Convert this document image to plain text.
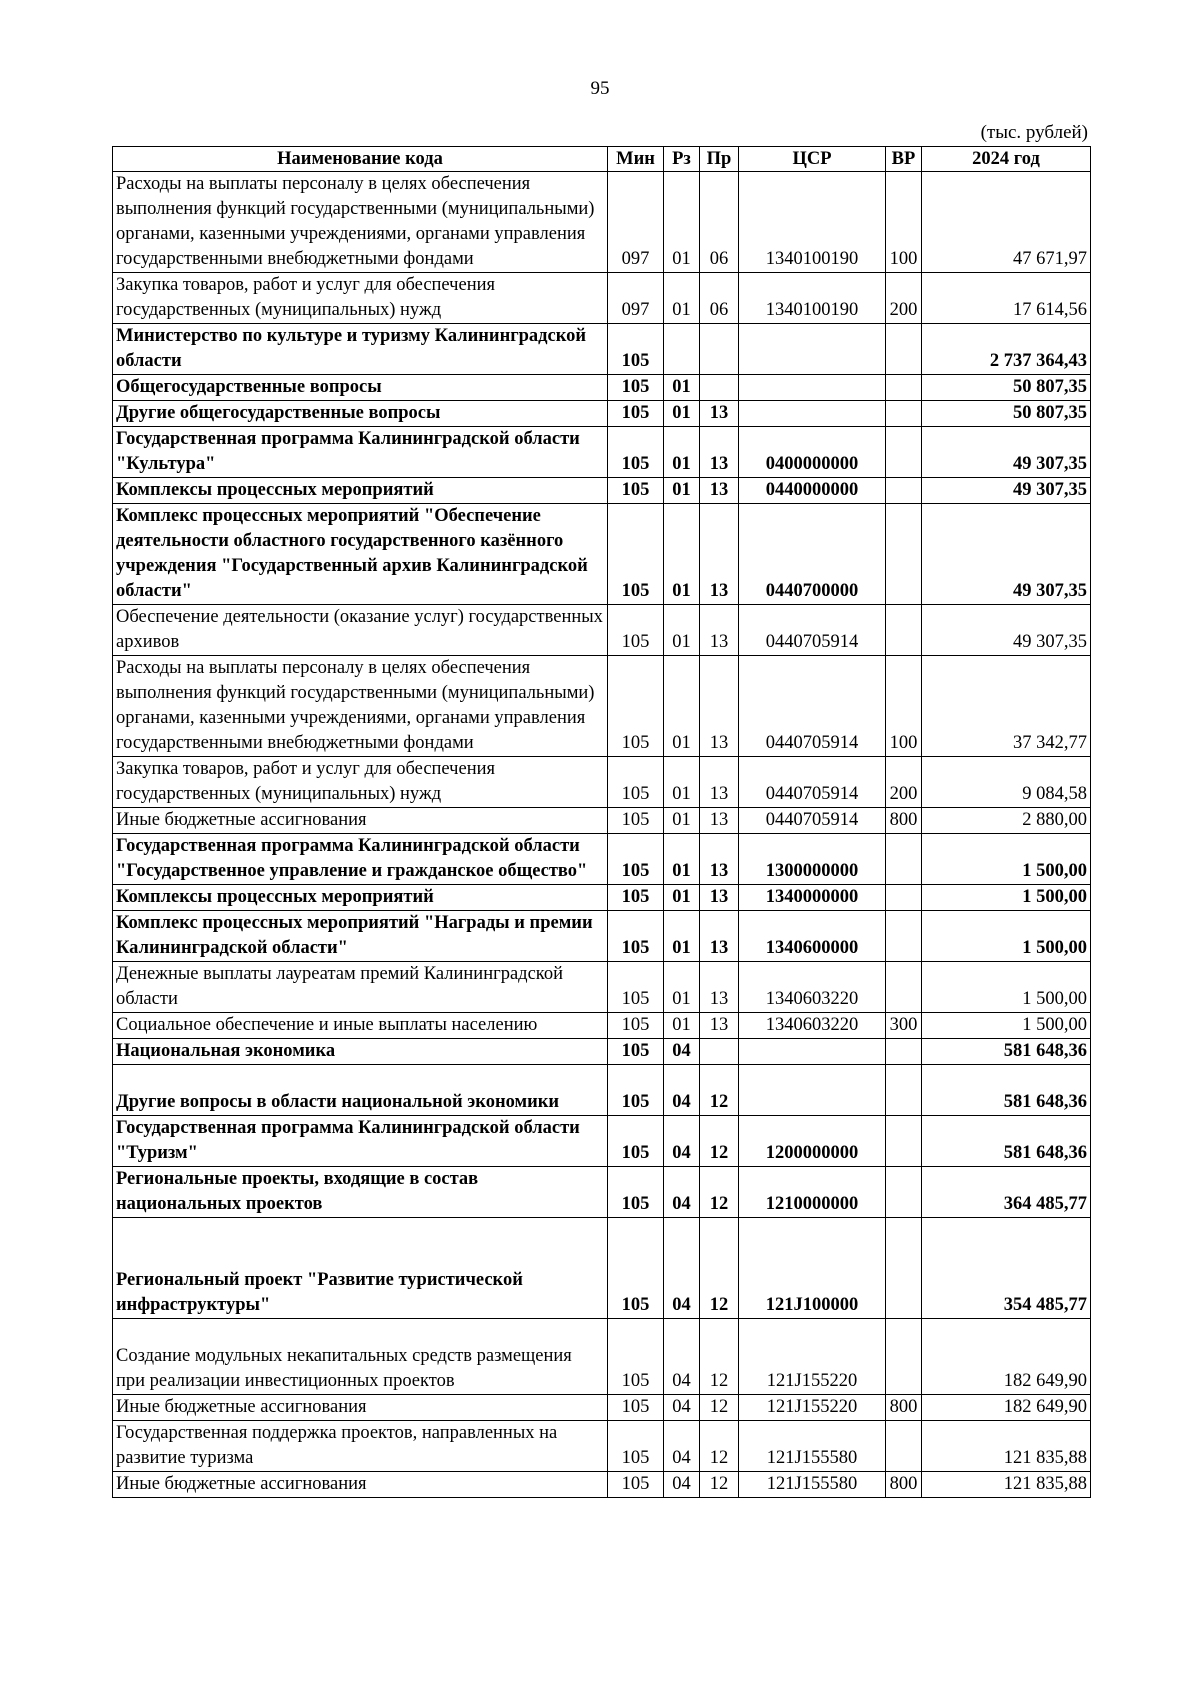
95
(тыс. рублей)
Наименование кода	Мин	Рз	Пр	ЦСР	ВР	2024 год
Расходы на выплаты персоналу в целях обеспечения выполнения функций государственными (муниципальными) органами, казенными учреждениями, органами управления государственными внебюджетными фондами	097	01	06	1340100190	100	47 671,97
Закупка товаров, работ и услуг для обеспечения государственных (муниципальных) нужд	097	01	06	1340100190	200	17 614,56
Министерство по культуре и туризму Калининградской области	105					2 737 364,43
Общегосударственные вопросы	105	01				50 807,35
Другие общегосударственные вопросы	105	01	13			50 807,35
Государственная программа Калининградской области "Культура"	105	01	13	0400000000		49 307,35
Комплексы процессных мероприятий	105	01	13	0440000000		49 307,35
Комплекс процессных мероприятий "Обеспечение деятельности областного государственного казённого учреждения "Государственный архив Калининградской области"	105	01	13	0440700000		49 307,35
Обеспечение деятельности (оказание услуг) государственных архивов	105	01	13	0440705914		49 307,35
Расходы на выплаты персоналу в целях обеспечения выполнения функций государственными (муниципальными) органами, казенными учреждениями, органами управления государственными внебюджетными фондами	105	01	13	0440705914	100	37 342,77
Закупка товаров, работ и услуг для обеспечения государственных (муниципальных) нужд	105	01	13	0440705914	200	9 084,58
Иные бюджетные ассигнования	105	01	13	0440705914	800	2 880,00
Государственная программа Калининградской области "Государственное управление и гражданское общество"	105	01	13	1300000000		1 500,00
Комплексы процессных мероприятий	105	01	13	1340000000		1 500,00
Комплекс процессных мероприятий "Награды и премии Калининградской области"	105	01	13	1340600000		1 500,00
Денежные выплаты лауреатам премий Калининградской области	105	01	13	1340603220		1 500,00
Социальное обеспечение и иные выплаты населению	105	01	13	1340603220	300	1 500,00
Национальная экономика	105	04				581 648,36
Другие вопросы в области национальной экономики	105	04	12			581 648,36
Государственная программа Калининградской области "Туризм"	105	04	12	1200000000		581 648,36
Региональные проекты, входящие в состав национальных проектов	105	04	12	1210000000		364 485,77
Региональный проект "Развитие туристической инфраструктуры"	105	04	12	121J100000		354 485,77
Создание модульных некапитальных средств размещения при реализации инвестиционных проектов	105	04	12	121J155220		182 649,90
Иные бюджетные ассигнования	105	04	12	121J155220	800	182 649,90
Государственная поддержка проектов, направленных на развитие туризма	105	04	12	121J155580		121 835,88
Иные бюджетные ассигнования	105	04	12	121J155580	800	121 835,88
